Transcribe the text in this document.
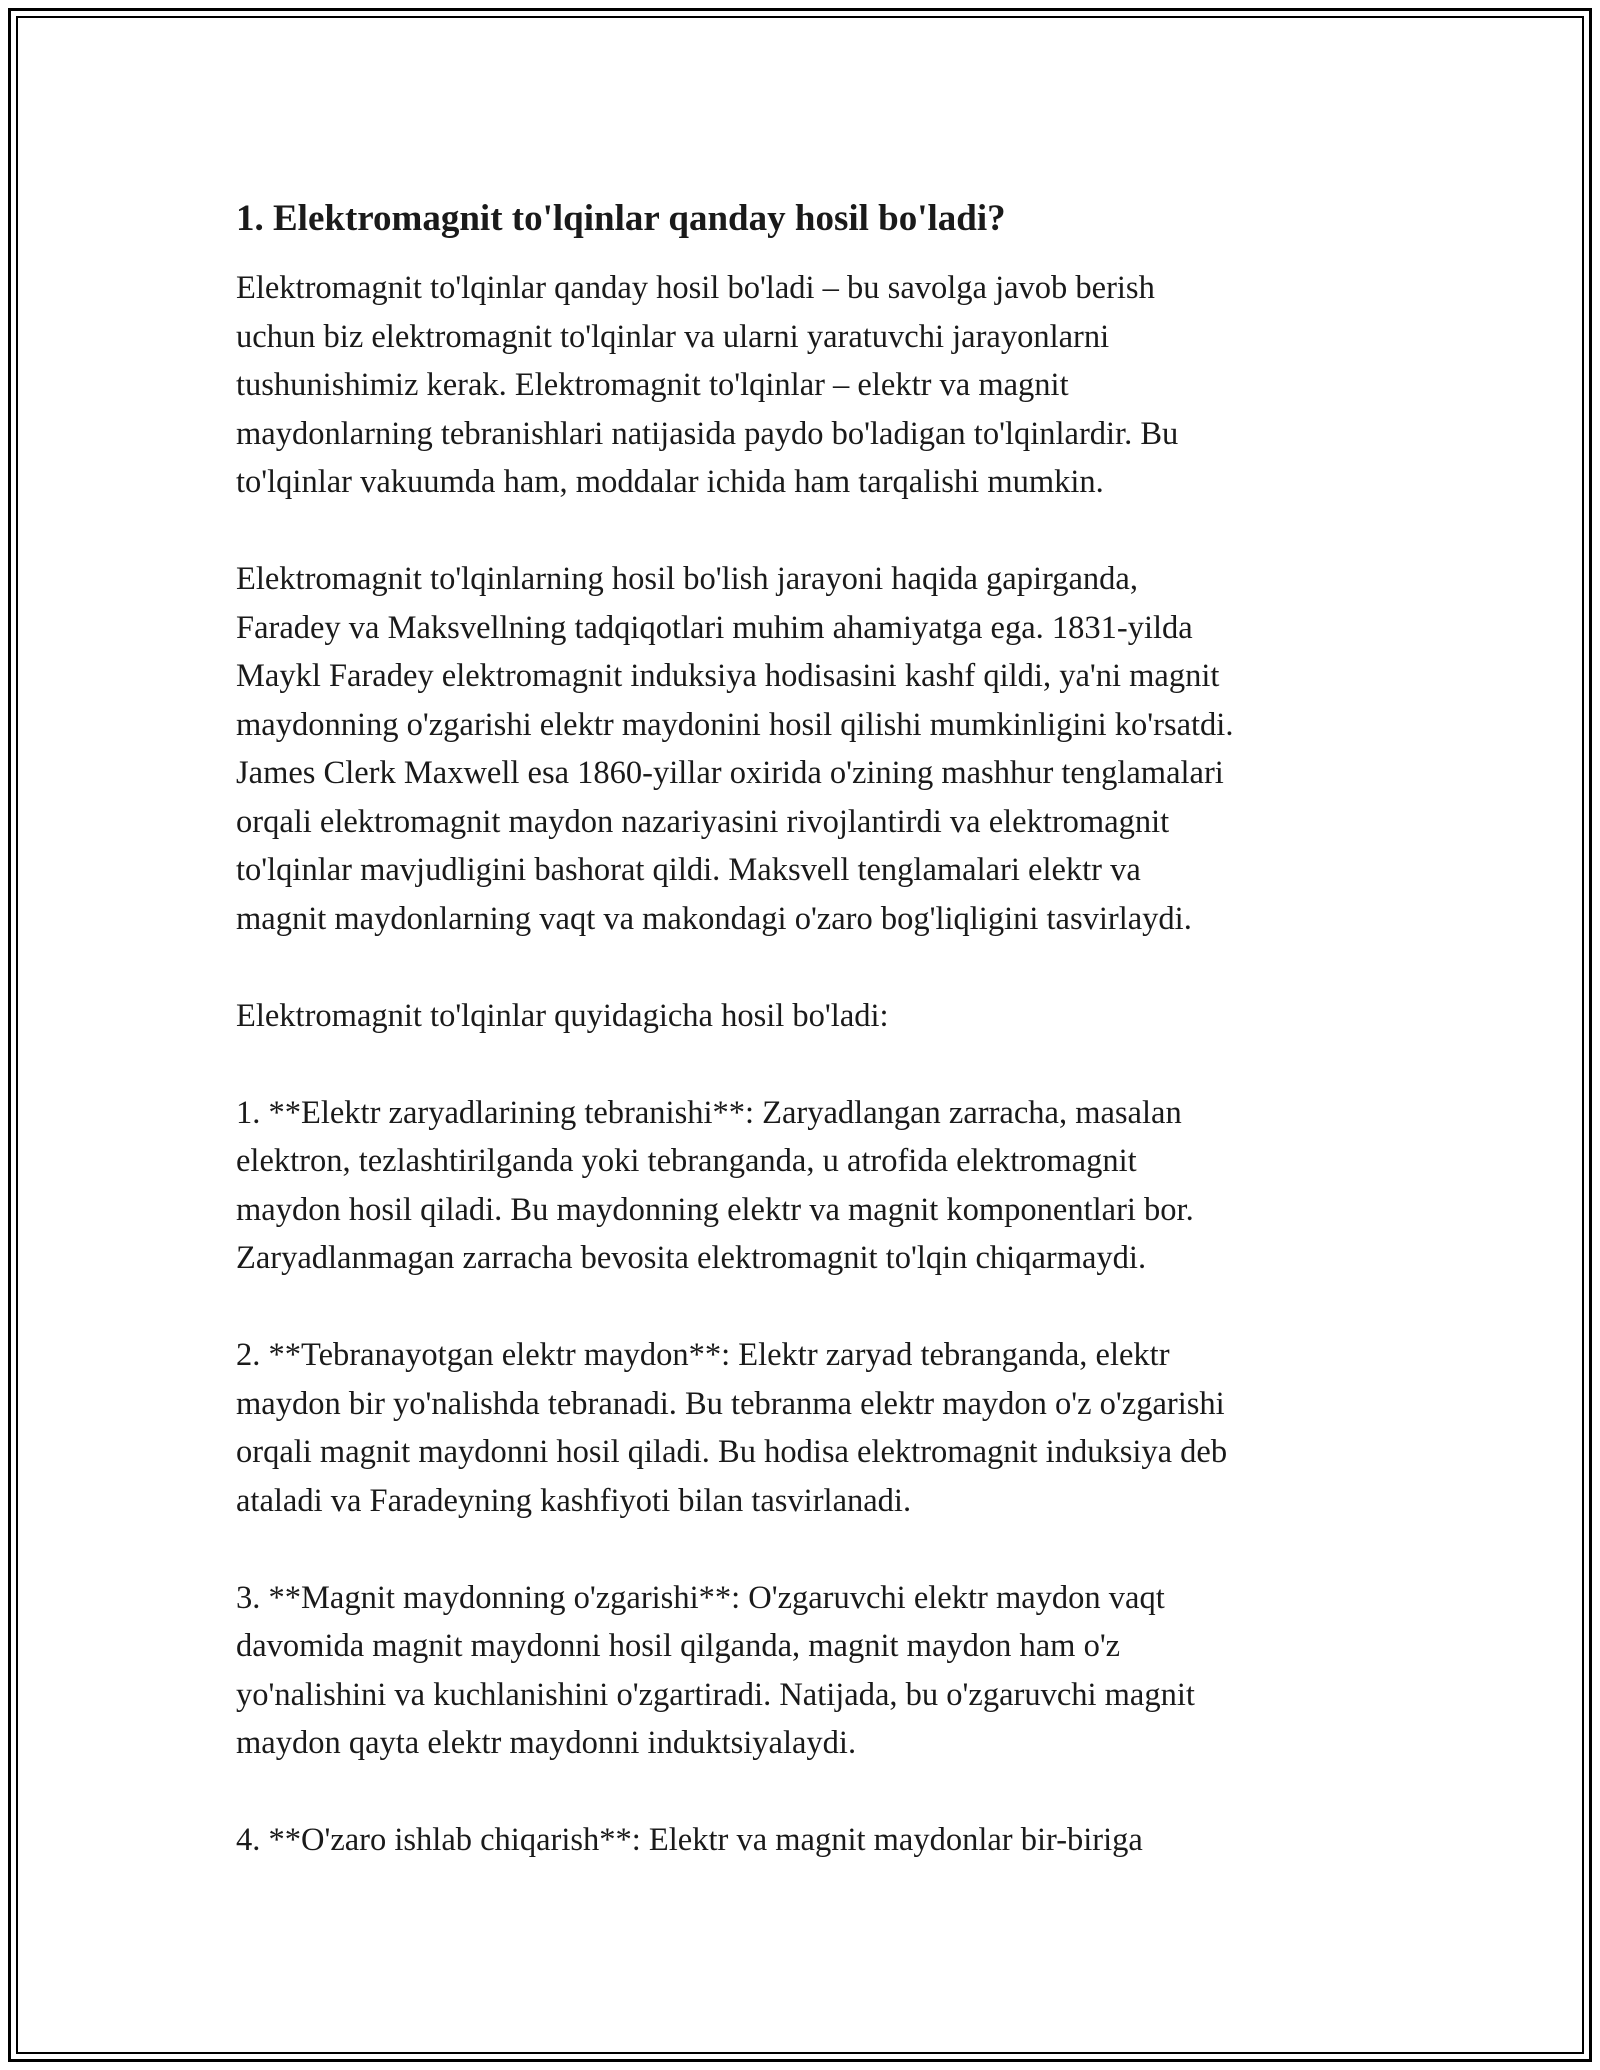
1. Elektromagnit to'lqinlar qanday hosil bo'ladi?
Elektromagnit to'lqinlar qanday hosil bo'ladi – bu savolga javob berish
uchun biz elektromagnit to'lqinlar va ularni yaratuvchi jarayonlarni
tushunishimiz kerak. Elektromagnit to'lqinlar – elektr va magnit
maydonlarning tebranishlari natijasida paydo bo'ladigan to'lqinlardir. Bu
to'lqinlar vakuumda ham, moddalar ichida ham tarqalishi mumkin.
Elektromagnit to'lqinlarning hosil bo'lish jarayoni haqida gapirganda,
Faradey va Maksvellning tadqiqotlari muhim ahamiyatga ega. 1831-yilda
Maykl Faradey elektromagnit induksiya hodisasini kashf qildi, ya'ni magnit
maydonning o'zgarishi elektr maydonini hosil qilishi mumkinligini ko'rsatdi.
James Clerk Maxwell esa 1860-yillar oxirida o'zining mashhur tenglamalari
orqali elektromagnit maydon nazariyasini rivojlantirdi va elektromagnit
to'lqinlar mavjudligini bashorat qildi. Maksvell tenglamalari elektr va
magnit maydonlarning vaqt va makondagi o'zaro bog'liqligini tasvirlaydi.
Elektromagnit to'lqinlar quyidagicha hosil bo'ladi:
1. **Elektr zaryadlarining tebranishi**: Zaryadlangan zarracha, masalan
elektron, tezlashtirilganda yoki tebranganda, u atrofida elektromagnit
maydon hosil qiladi. Bu maydonning elektr va magnit komponentlari bor.
Zaryadlanmagan zarracha bevosita elektromagnit to'lqin chiqarmaydi.
2. **Tebranayotgan elektr maydon**: Elektr zaryad tebranganda, elektr
maydon bir yo'nalishda tebranadi. Bu tebranma elektr maydon o'z o'zgarishi
orqali magnit maydonni hosil qiladi. Bu hodisa elektromagnit induksiya deb
ataladi va Faradeyning kashfiyoti bilan tasvirlanadi.
3. **Magnit maydonning o'zgarishi**: O'zgaruvchi elektr maydon vaqt
davomida magnit maydonni hosil qilganda, magnit maydon ham o'z
yo'nalishini va kuchlanishini o'zgartiradi. Natijada, bu o'zgaruvchi magnit
maydon qayta elektr maydonni induktsiyalaydi.
4. **O'zaro ishlab chiqarish**: Elektr va magnit maydonlar bir-biriga
